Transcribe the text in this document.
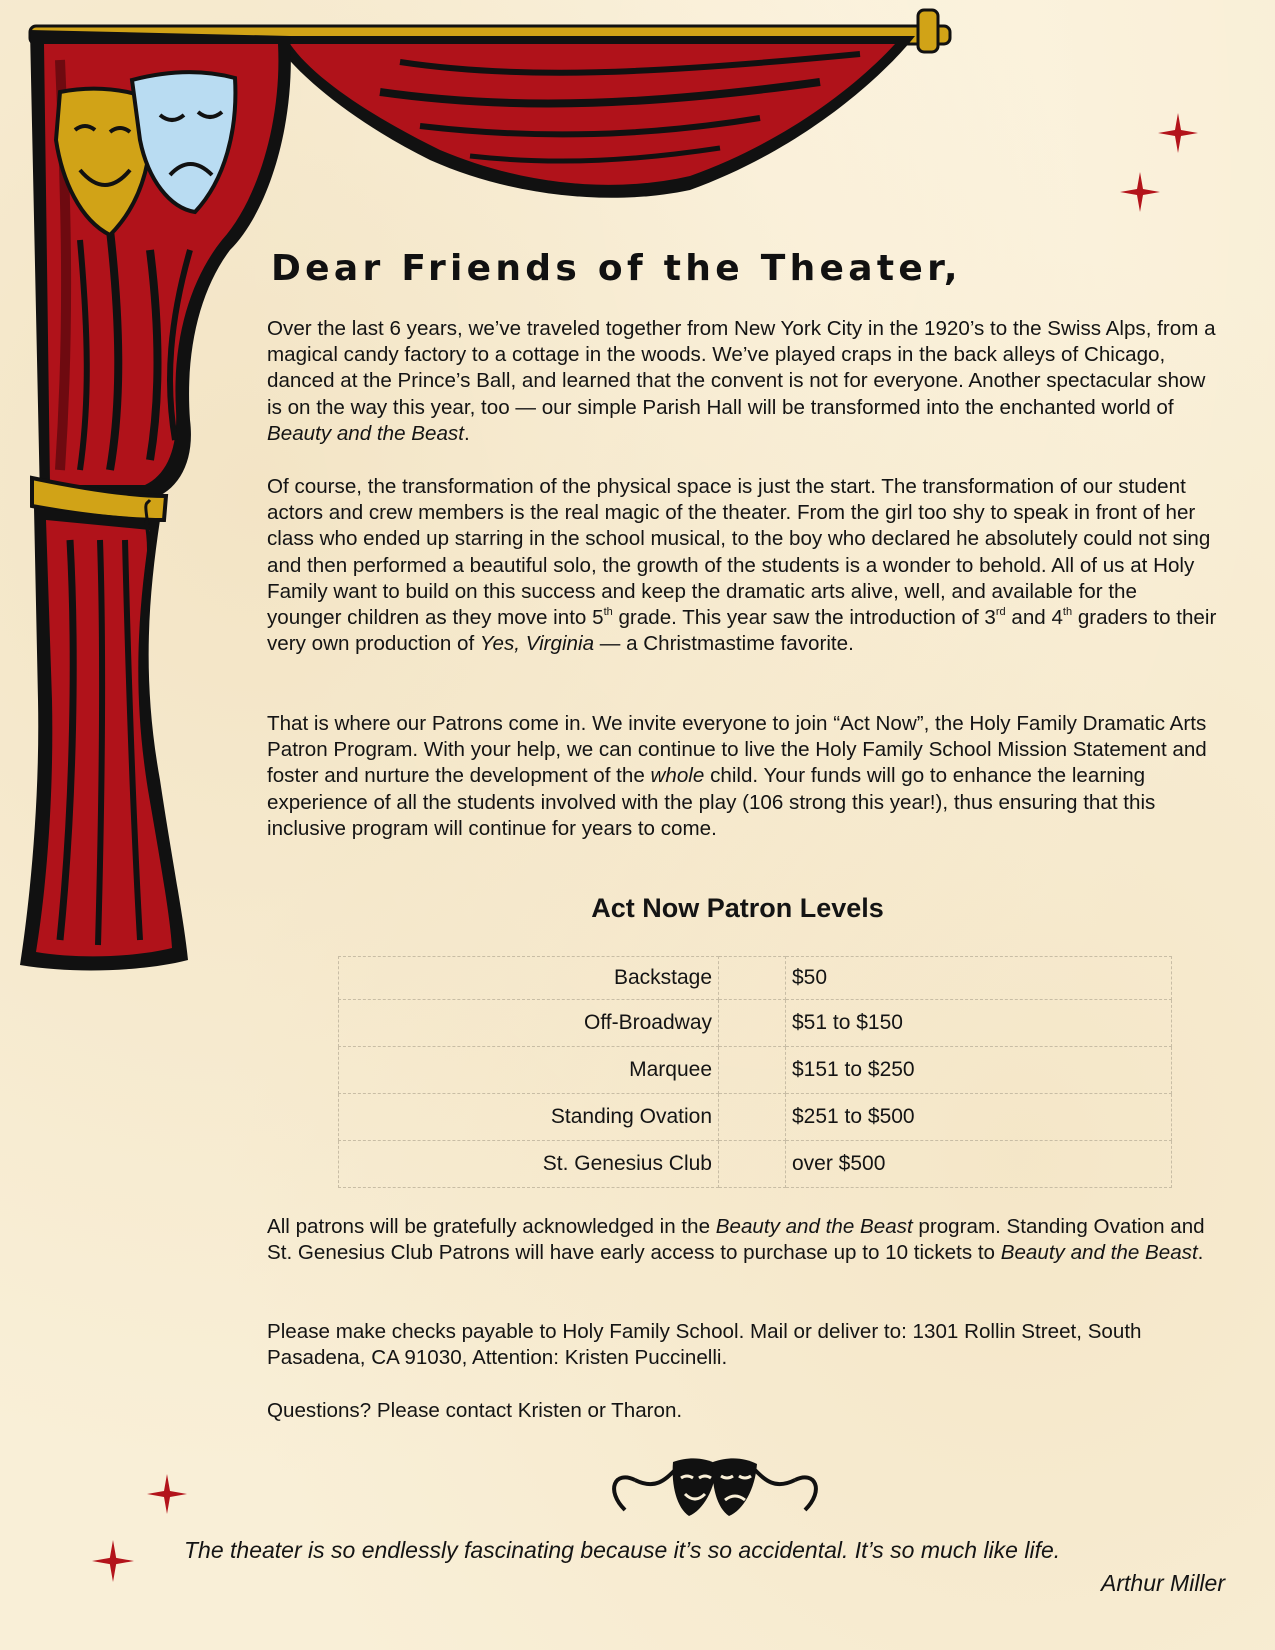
Dear Friends of the Theater,

Over the last 6 years, we’ve traveled together from New York City in the 1920’s to the Swiss Alps, from a magical candy factory to a cottage in the woods. We’ve played craps in the back alleys of Chicago, danced at the Prince’s Ball, and learned that the convent is not for everyone. Another spectacular show is on the way this year, too — our simple Parish Hall will be transformed into the enchanted world of Beauty and the Beast.

Of course, the transformation of the physical space is just the start. The transformation of our student actors and crew members is the real magic of the theater. From the girl too shy to speak in front of her class who ended up starring in the school musical, to the boy who declared he absolutely could not sing and then performed a beautiful solo, the growth of the students is a wonder to behold. All of us at Holy Family want to build on this success and keep the dramatic arts alive, well, and available for the younger children as they move into 5th grade. This year saw the introduction of 3rd and 4th graders to their very own production of Yes, Virginia — a Christmastime favorite.

That is where our Patrons come in. We invite everyone to join “Act Now”, the Holy Family Dramatic Arts Patron Program. With your help, we can continue to live the Holy Family School Mission Statement and foster and nurture the development of the whole child. Your funds will go to enhance the learning experience of all the students involved with the play (106 strong this year!), thus ensuring that this inclusive program will continue for years to come.

Act Now Patron Levels
Backstage		$50
Off-Broadway		$51 to $150
Marquee		$151 to $250
Standing Ovation		$251 to $500
St. Genesius Club		over $500

All patrons will be gratefully acknowledged in the Beauty and the Beast program. Standing Ovation and St. Genesius Club Patrons will have early access to purchase up to 10 tickets to Beauty and the Beast.

Please make checks payable to Holy Family School. Mail or deliver to: 1301 Rollin Street, South Pasadena, CA 91030, Attention: Kristen Puccinelli.

Questions? Please contact Kristen or Tharon.

The theater is so endlessly fascinating because it’s so accidental. It’s so much like life.

Arthur Miller
